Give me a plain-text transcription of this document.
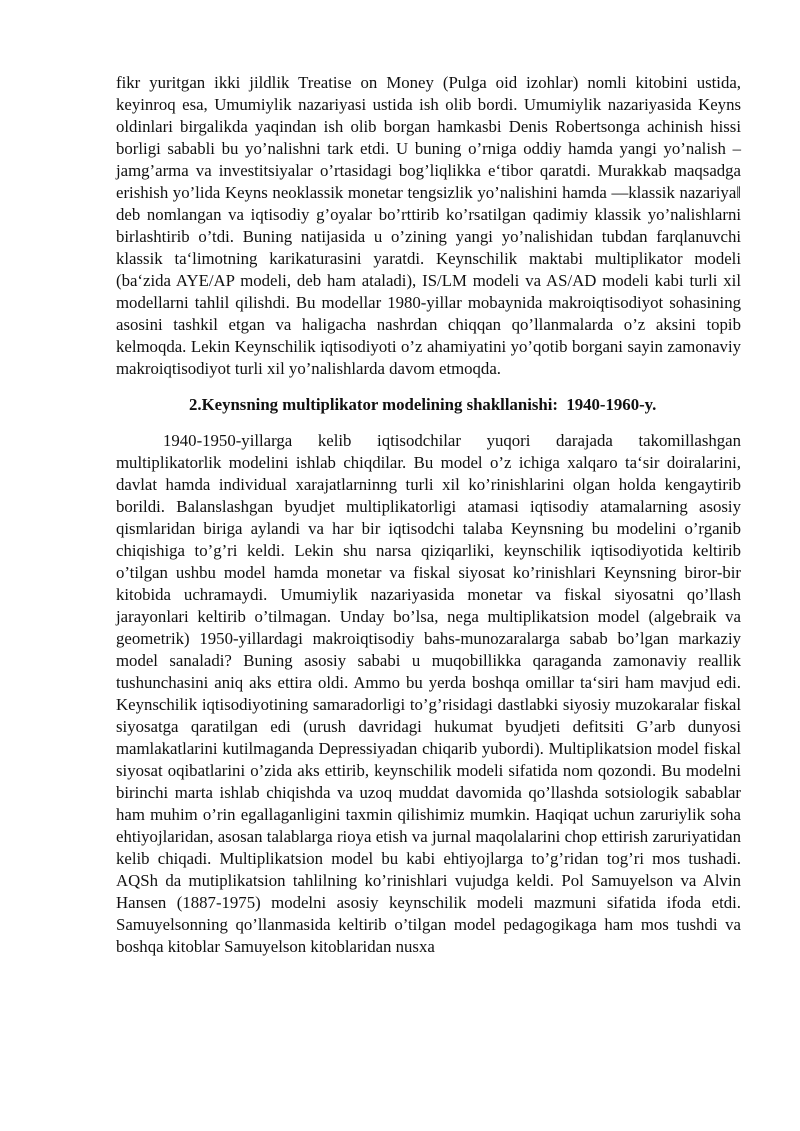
fikr yuritgan ikki jildlik Treatise on Money (Pulga oid izohlar) nomli kitobini ustida, keyinroq esa, Umumiylik nazariyasi ustida ish olib bordi. Umumiylik nazariyasida Keyns oldinlari birgalikda yaqindan ish olib borgan hamkasbi Denis Robertsonga achinish hissi borligi sababli bu yo’nalishni tark etdi. U buning o’rniga oddiy hamda yangi yo’nalish – jamg’arma va investitsiyalar o’rtasidagi bog’liqlikka e‘tibor qaratdi. Murakkab maqsadga erishish yo’lida Keyns neoklassik monetar tengsizlik yo’nalishini hamda ―klassik nazariya‖ deb nomlangan va iqtisodiy g’oyalar bo’rttirib ko’rsatilgan qadimiy klassik yo’nalishlarni birlashtirib o’tdi. Buning natijasida u o’zining yangi yo’nalishidan tubdan farqlanuvchi klassik ta‘limotning karikaturasini yaratdi. Keynschilik maktabi multiplikator modeli (ba‘zida AYE/AP modeli, deb ham ataladi), IS/LM modeli va AS/AD modeli kabi turli xil modellarni tahlil qilishdi. Bu modellar 1980-yillar mobaynida makroiqtisodiyot sohasining asosini tashkil etgan va haligacha nashrdan chiqqan qo’llanmalarda o’z aksini topib kelmoqda. Lekin Keynschilik iqtisodiyoti o’z ahamiyatini yo’qotib borgani sayin zamonaviy makroiqtisodiyot turli xil yo’nalishlarda davom etmoqda.

2.Keynsning multiplikator modelining shakllanishi:  1940-1960-y.

1940-1950-yillarga kelib iqtisodchilar yuqori darajada takomillashgan multiplikatorlik modelini ishlab chiqdilar. Bu model o’z ichiga xalqaro ta‘sir doiralarini, davlat hamda individual xarajatlarninng turli xil ko’rinishlarini olgan holda kengaytirib borildi. Balanslashgan byudjet multiplikatorligi atamasi iqtisodiy atamalarning asosiy qismlaridan biriga aylandi va har bir iqtisodchi talaba Keynsning bu modelini o’rganib chiqishiga to’g’ri keldi. Lekin shu narsa qiziqarliki, keynschilik iqtisodiyotida keltirib o’tilgan ushbu model hamda monetar va fiskal siyosat ko’rinishlari Keynsning biror-bir kitobida uchramaydi. Umumiylik nazariyasida monetar va fiskal siyosatni qo’llash jarayonlari keltirib o’tilmagan. Unday bo’lsa, nega multiplikatsion model (algebraik va geometrik) 1950-yillardagi makroiqtisodiy bahs-munozaralarga sabab bo’lgan markaziy model sanaladi? Buning asosiy sababi u muqobillikka qaraganda zamonaviy reallik tushunchasini aniq aks ettira oldi. Ammo bu yerda boshqa omillar ta‘siri ham mavjud edi. Keynschilik iqtisodiyotining samaradorligi to’g’risidagi dastlabki siyosiy muzokaralar fiskal siyosatga qaratilgan edi (urush davridagi hukumat byudjeti defitsiti G’arb dunyosi mamlakatlarini kutilmaganda Depressiyadan chiqarib yubordi). Multiplikatsion model fiskal siyosat oqibatlarini o’zida aks ettirib, keynschilik modeli sifatida nom qozondi. Bu modelni birinchi marta ishlab chiqishda va uzoq muddat davomida qo’llashda sotsiologik sabablar ham muhim o’rin egallaganligini taxmin qilishimiz mumkin. Haqiqat uchun zaruriylik soha ehtiyojlaridan, asosan talablarga rioya etish va jurnal maqolalarini chop ettirish zaruriyatidan kelib chiqadi. Multiplikatsion model bu kabi ehtiyojlarga to’g’ridan tog’ri mos tushadi. AQSh da mutiplikatsion tahlilning ko’rinishlari vujudga keldi. Pol Samuyelson va Alvin Hansen (1887-1975) modelni asosiy keynschilik modeli mazmuni sifatida ifoda etdi. Samuyelsonning qo’llanmasida keltirib o’tilgan model pedagogikaga ham mos tushdi va boshqa kitoblar Samuyelson kitoblaridan nusxa
